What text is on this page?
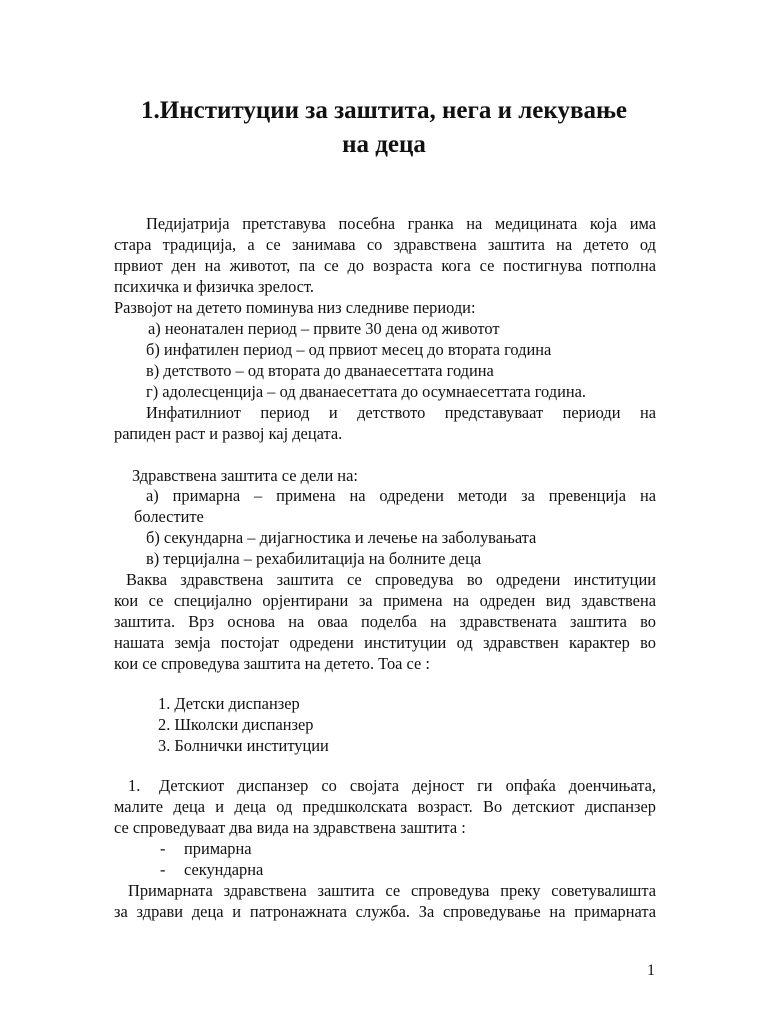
1.Институции за заштита, нега и лекување
на деца
Педијатрија претставува посебна гранка на медицината која има
стара традиција, а се занимава со здравствена заштита на детето од
првиот ден на животот, па се до возраста кога се постигнува потполна
психичка и физичка зрелост.
Развојот на детето поминува низ следниве периоди:
а) неонатален период – првите 30 дена од животот
б) инфатилен период – од првиот месец до втората година
в) детството – од втората до дванаесеттата година
г) адолесценција – од дванаесеттата до осумнаесеттата година.
Инфатилниот период и детството представуваат периоди на
рапиден раст и развој кај децата.
Здравствена заштита се дели на:
а) примарна – примена на одредени методи за превенција на
болестите
б) секундарна – дијагностика и лечење на заболувањата
в) терцијална – рехабилитација на болните деца
Ваква здравствена заштита се спроведува во одредени институции
кои се специјално орјентирани за примена на одреден вид здавствена
заштита. Врз основа на оваа поделба на здравствената заштита во
нашата земја постојат одредени институции од здравствен карактер во
кои се спроведува заштита на детето. Тоа се :
1. Детски диспанзер
2. Школски диспанзер
3. Болнички институции
1.	Детскиот диспанзер со својата дејност ги опфаќа доенчињата,
малите деца и деца од предшколската возраст. Во детскиот диспанзер
се спроведуваат два вида на здравствена заштита :
-	примарна
-	секундарна
Примарната здравствена заштита се спроведува преку советувалишта
за здрави деца и патронажната служба. За спроведување на примарната
1
